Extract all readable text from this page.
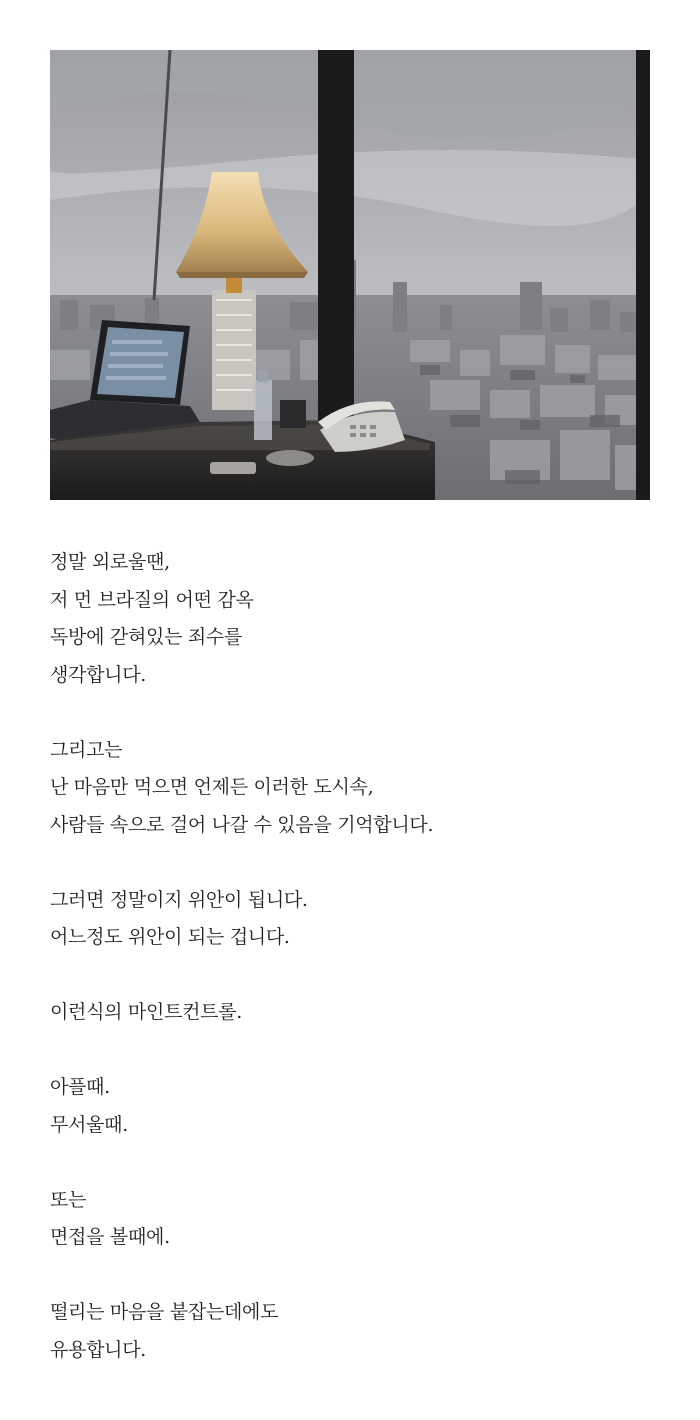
정말 외로울땐,
저 먼 브라질의 어떤 감옥
독방에 갇혀있는 죄수를
생각합니다.
그리고는
난 마음만 먹으면 언제든 이러한 도시속,
사람들 속으로 걸어 나갈 수 있음을 기억합니다.
그러면 정말이지 위안이 됩니다.
어느정도 위안이 되는 겁니다.
이런식의 마인트컨트롤.
아플때.
무서울때.
또는
면접을 볼때에.
떨리는 마음을 붙잡는데에도
유용합니다.
